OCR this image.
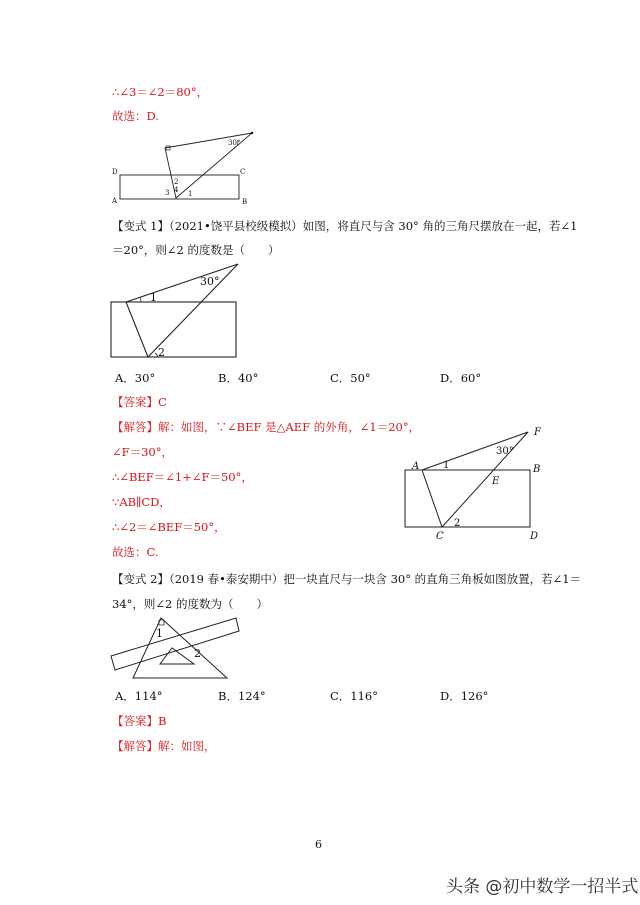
∴∠3＝∠2＝80°，
故选：D.
30°
D	C
A	B
2
3 4 1
【变式 1】（2021•饶平县校级模拟）如图，将直尺与含 30° 角的三角尺摆放在一起，若∠1
＝20°，则∠2 的度数是（　　）
30°
1
2
A．30°	B．40°	C．50°	D．60°
【答案】C
【解答】解：如图，∵∠BEF 是△AEF 的外角，∠1＝20°，
∠F＝30°，
∴∠BEF＝∠1+∠F＝50°，
∵AB∥CD，
∴∠2＝∠BEF＝50°，
故选：C.
F
A 1	B
E
30°
C
2
D
【变式 2】（2019 春•泰安期中）把一块直尺与一块含 30° 的直角三角板如图放置，若∠1＝
34°，则∠2 的度数为（　　）
1
2
A．114°	B．124°	C．116°	D．126°
【答案】B
【解答】解：如图，
6
头条 @初中数学一招半式
